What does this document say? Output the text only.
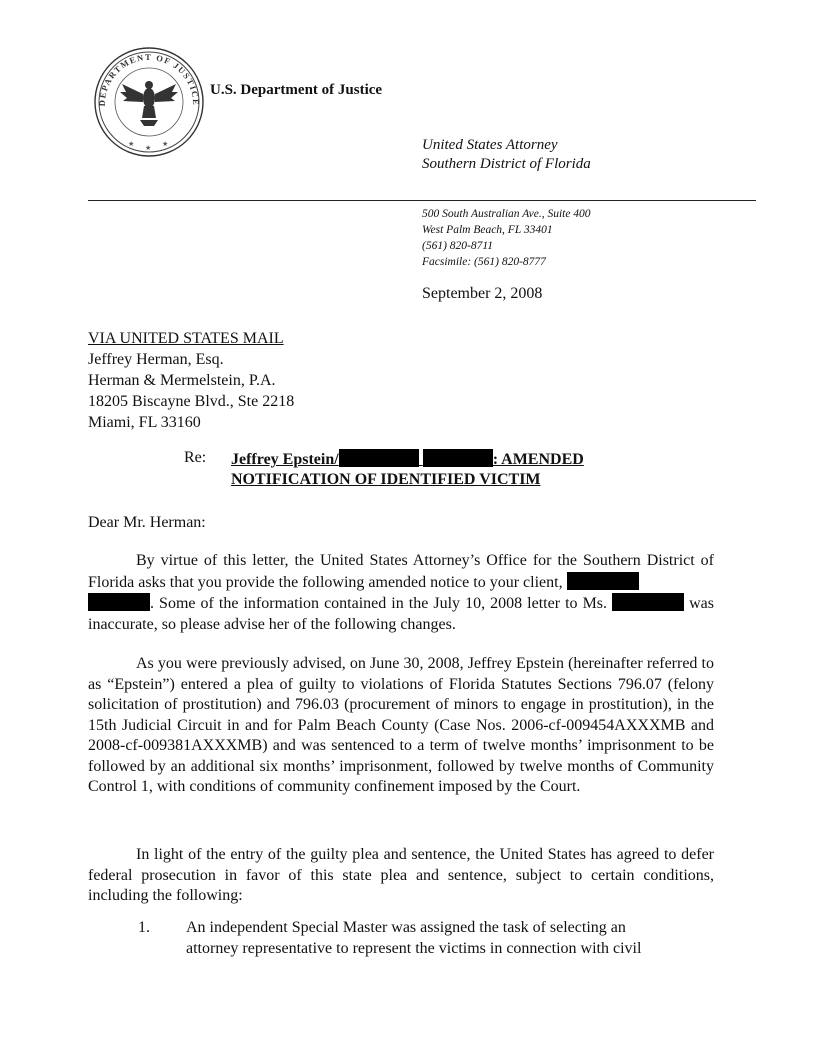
DEPARTMENT OF JUSTICE
★ ★ ★
U.S. Department of Justice
United States Attorney
Southern District of Florida
500 South Australian Ave., Suite 400
West Palm Beach, FL 33401
(561) 820-8711
Facsimile: (561) 820-8777
September 2, 2008
VIA UNITED STATES MAIL
Jeffrey Herman, Esq.
Herman & Mermelstein, P.A.
18205 Biscayne Blvd., Ste 2218
Miami, FL 33160
Re: Jeffrey Epstein/	: AMENDED
NOTIFICATION OF IDENTIFIED VICTIM
Dear Mr. Herman:
By virtue of this letter, the United States Attorney’s Office for the Southern District of Florida asks that you provide the following amended notice to your client,
. Some of the information contained in the July 10, 2008 letter to Ms.	was inaccurate, so please advise her of the following changes.
As you were previously advised, on June 30, 2008, Jeffrey Epstein (hereinafter referred to as “Epstein”) entered a plea of guilty to violations of Florida Statutes Sections 796.07 (felony solicitation of prostitution) and 796.03 (procurement of minors to engage in prostitution), in the 15th Judicial Circuit in and for Palm Beach County (Case Nos. 2006-cf-009454AXXXMB and 2008-cf-009381AXXXMB) and was sentenced to a term of twelve months’ imprisonment to be followed by an additional six months’ imprisonment, followed by twelve months of Community Control 1, with conditions of community confinement imposed by the Court.
In light of the entry of the guilty plea and sentence, the United States has agreed to defer federal prosecution in favor of this state plea and sentence, subject to certain conditions, including the following:
1. An independent Special Master was assigned the task of selecting an
attorney representative to represent the victims in connection with civil
